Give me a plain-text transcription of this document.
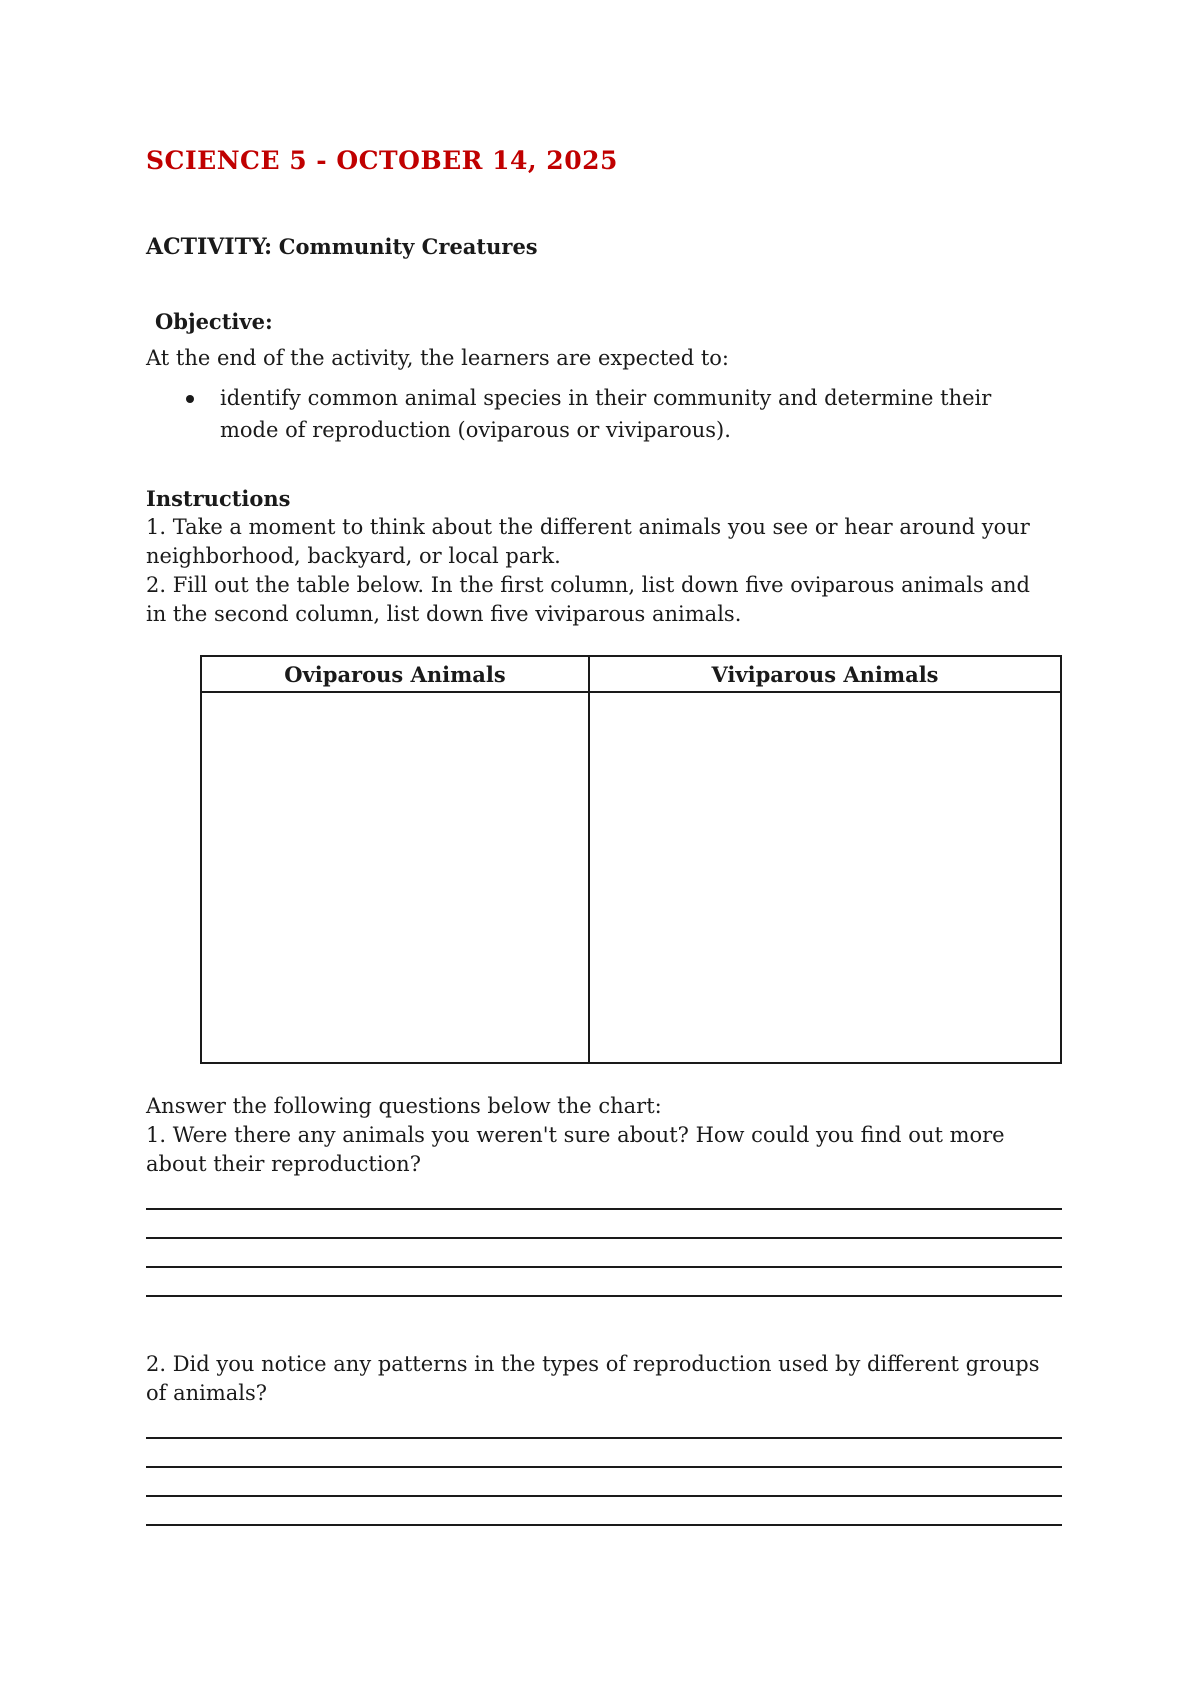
SCIENCE 5 - OCTOBER 14, 2025

ACTIVITY: Community Creatures

Objective:

At the end of the activity, the learners are expected to:

identify common animal species in their community and determine their mode of reproduction (oviparous or viviparous).
Instructions

1. Take a moment to think about the different animals you see or hear around your neighborhood, backyard, or local park.

2. Fill out the table below. In the first column, list down five oviparous animals and in the second column, list down five viviparous animals.

Oviparous Animals	Viviparous Animals

Answer the following questions below the chart:

1. Were there any animals you weren't sure about? How could you find out more about their reproduction?

2. Did you notice any patterns in the types of reproduction used by different groups of animals?
